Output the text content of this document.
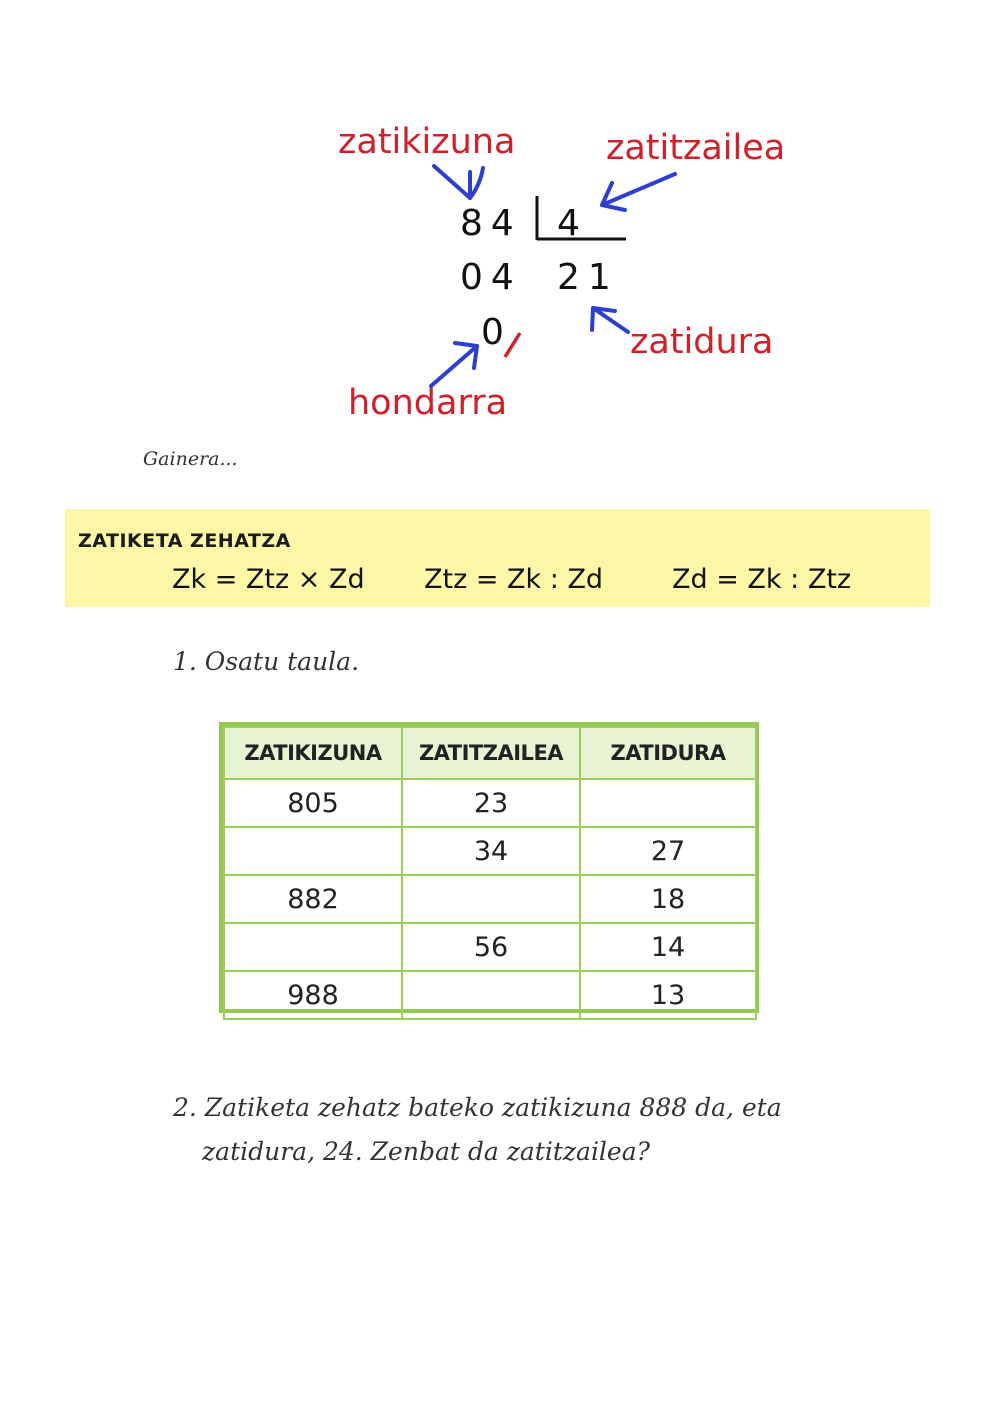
zatikizuna	zatitzailea
zatidura
hondarra
84 4
04 21
0
Gainera...
ZATIKETA ZEHATZA
Zk = Ztz × Zd Ztz = Zk : Zd	Zd = Zk : Ztz
1. Osatu taula.
ZATIKIZUNA	ZATITZAILEA	ZATIDURA
805	23	
	34	27
882		18
	56	14
988		13
2. Zatiketa zehatz bateko zatikizuna 888 da, eta
zatidura, 24. Zenbat da zatitzailea?
